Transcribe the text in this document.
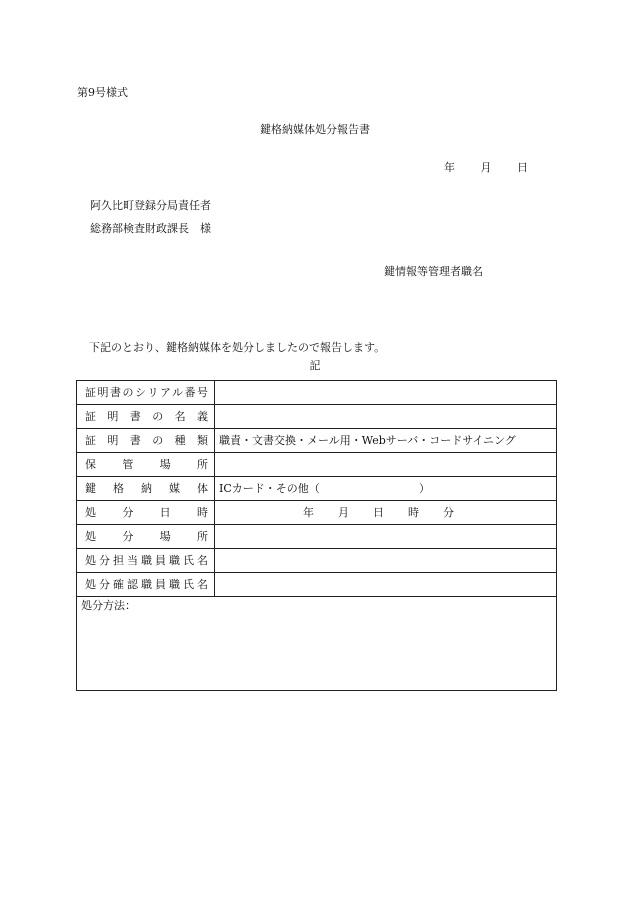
第9号様式
鍵格納媒体処分報告書
年 月 日
阿久比町登録分局責任者
総務部検査財政課長　様
鍵情報等管理者職名
下記のとおり、鍵格納媒体を処分しましたので報告します。
記
証明書のシリアル番号	
証明書の名義	
証明書の種類	職責・文書交換・メール用・Webサーバ・コードサイニング
保管場所	
鍵格納媒体	ICカード・その他（ ）
処分日時	年 月 日 時 分
処分場所	
処分担当職員職氏名	
処分確認職員職氏名	
処分方法：	
